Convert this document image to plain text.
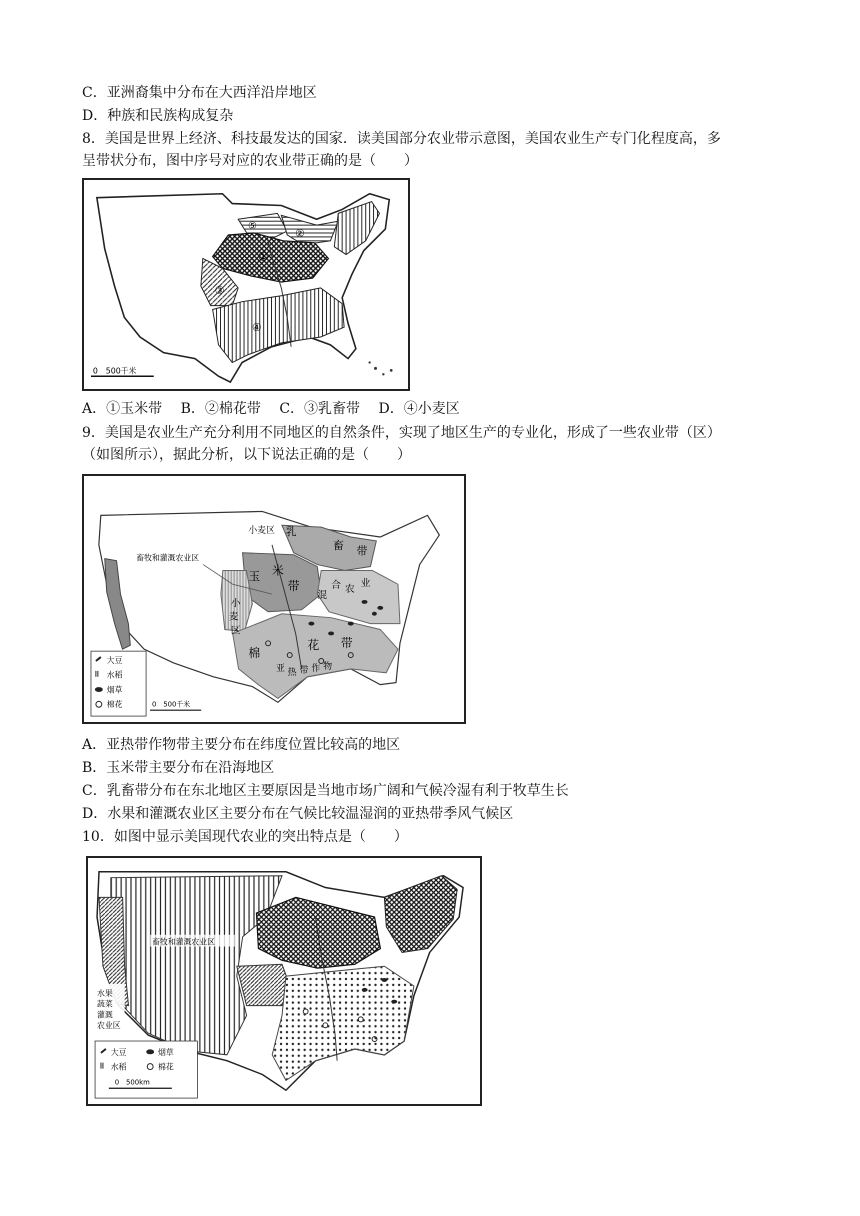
C．亚洲裔集中分布在大西洋沿岸地区
D．种族和民族构成复杂
8．美国是世界上经济、科技最发达的国家．读美国部分农业带示意图，美国农业生产专门化程度高，多
呈带状分布，图中序号对应的农业带正确的是（　　）
①
②
③
④
⑤
0　500千米
A．①玉米带 B．②棉花带 C．③乳畜带 D．④小麦区
9．美国是农业生产充分利用不同地区的自然条件，实现了地区生产的专业化，形成了一些农业带（区）
（如图所示），据此分析，以下说法正确的是（　　）
小麦区
畜牧和灌溉农业区
乳
畜 带
玉 米
带
小
麦
区
混
合 农
业
棉
花 带
亚 热 带 作 物
大豆
水稻
烟草
棉花	0　500千米
A．亚热带作物带主要分布在纬度位置比较高的地区
B．玉米带主要分布在沿海地区
C．乳畜带分布在东北地区主要原因是当地市场广阔和气候冷湿有利于牧草生长
D．水果和灌溉农业区主要分布在气候比较温湿润的亚热带季风气候区
10．如图中显示美国现代农业的突出特点是（　　）
畜牧和灌溉农业区
水果
蔬菜
灌溉
农业区
大豆	烟草
水稻	棉花
0　500km
